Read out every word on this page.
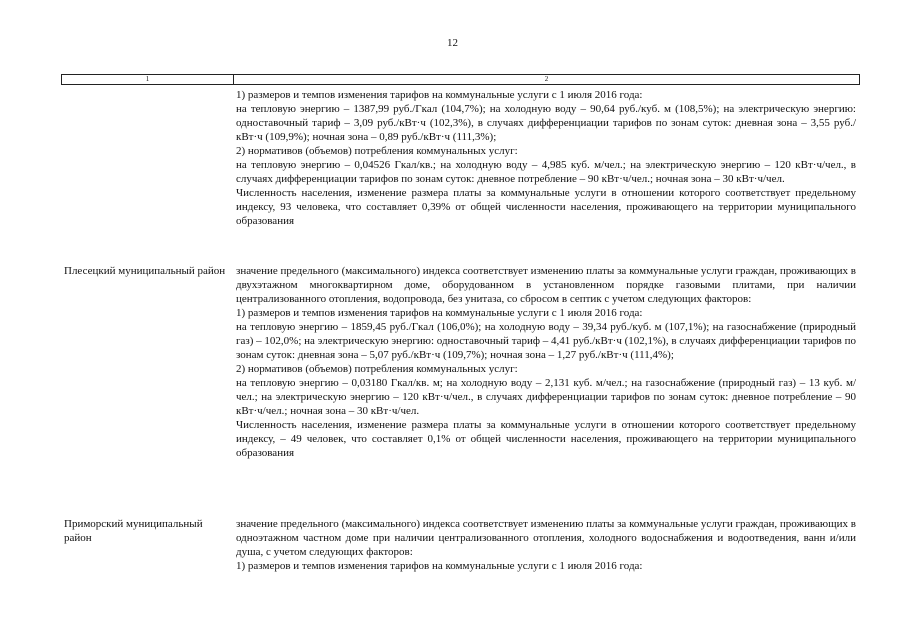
12
1	2

1) размеров и темпов изменения тарифов на коммунальные услуги с 1 июля 2016 года:

на тепловую энергию – 1387,99 руб./Гкал (104,7%); на холодную воду – 90,64 руб./куб. м (108,5%); на электрическую энергию: одноставочный тариф – 3,09 руб./кВт·ч (102,3%), в случаях дифференциации тарифов по зонам суток: дневная зона – 3,55 руб./кВт·ч (109,9%); ночная зона – 0,89 руб./кВт·ч (111,3%);

2) нормативов (объемов) потребления коммунальных услуг:

на тепловую энергию – 0,04526 Гкал/кв.; на холодную воду – 4,985 куб. м/чел.; на электрическую энергию – 120 кВт·ч/чел., в случаях дифференциации тарифов по зонам суток: дневное потребление – 90 кВт·ч/чел.; ночная зона – 30 кВт·ч/чел.

Численность населения, изменение размера платы за коммунальные услуги в отношении которого соответствует предельному индексу, 93 человека, что составляет 0,39% от общей численности населения, проживающего на территории муниципального образования

Плесецкий муниципальный район значение предельного (максимального) индекса соответствует изменению платы за коммунальные услуги граждан, проживающих в двухэтажном многоквартирном доме, оборудованном в установленном порядке газовыми плитами, при наличии централизованного отопления, водопровода, без унитаза, со сбросом в септик с учетом следующих факторов:

1) размеров и темпов изменения тарифов на коммунальные услуги с 1 июля 2016 года:

на тепловую энергию – 1859,45 руб./Гкал (106,0%); на холодную воду – 39,34 руб./куб. м (107,1%); на газоснабжение (природный газ) – 102,0%; на электрическую энергию: одноставочный тариф – 4,41 руб./кВт·ч (102,1%), в случаях дифференциации тарифов по зонам суток: дневная зона – 5,07 руб./кВт·ч (109,7%); ночная зона – 1,27 руб./кВт·ч (111,4%);

2) нормативов (объемов) потребления коммунальных услуг:

на тепловую энергию – 0,03180 Гкал/кв. м; на холодную воду – 2,131 куб. м/чел.; на газоснабжение (природный газ) – 13 куб. м/чел.; на электрическую энергию – 120 кВт·ч/чел., в случаях дифференциации тарифов по зонам суток: дневное потребление – 90 кВт·ч/чел.; ночная зона – 30 кВт·ч/чел.

Численность населения, изменение размера платы за коммунальные услуги в отношении которого соответствует предельному индексу, – 49 человек, что составляет 0,1% от общей численности населения, проживающего на территории муниципального образования

Приморский муниципальный район

значение предельного (максимального) индекса соответствует изменению платы за коммунальные услуги граждан, проживающих в одноэтажном частном доме при наличии централизованного отопления, холодного водоснабжения и водоотведения, ванн и/или душа, с учетом следующих факторов:

1) размеров и темпов изменения тарифов на коммунальные услуги с 1 июля 2016 года:
